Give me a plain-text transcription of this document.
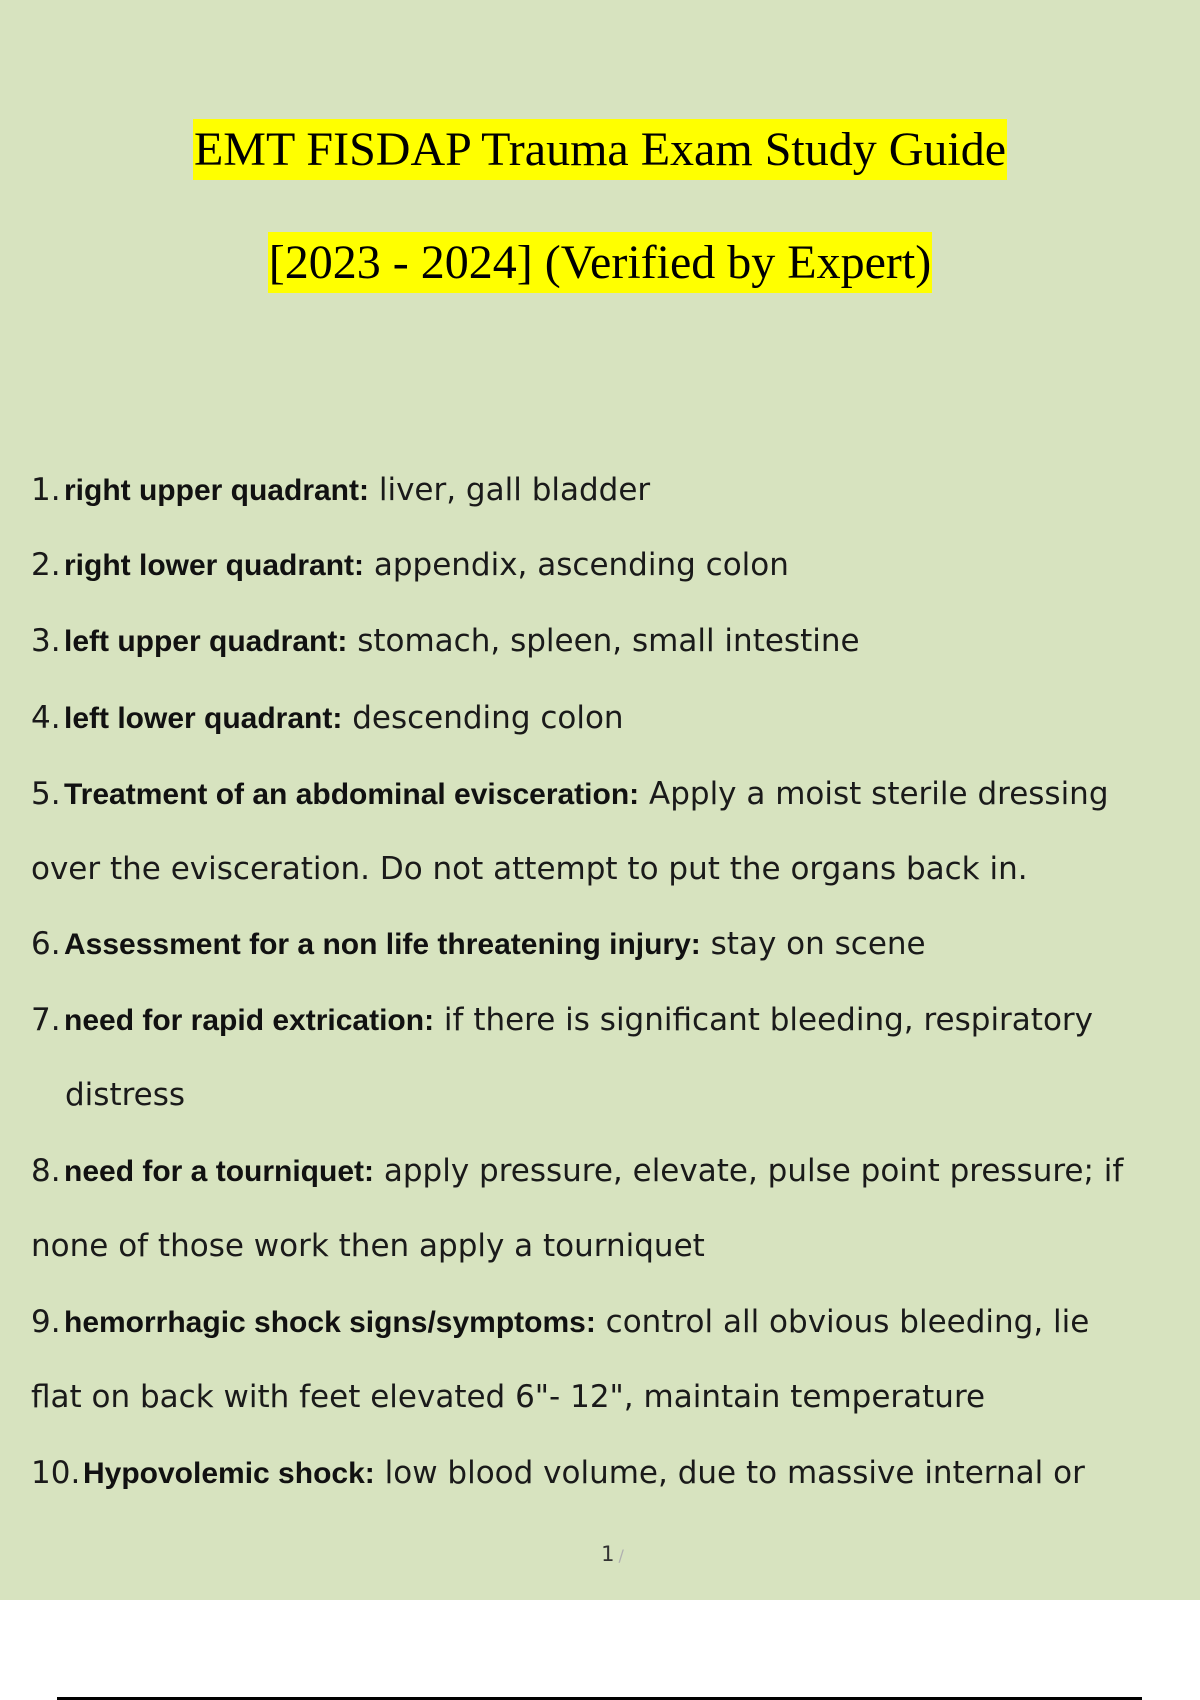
EMT FISDAP Trauma Exam Study Guide
[2023 - 2024] (Verified by Expert)
1. right upper quadrant: liver, gall bladder
2. right lower quadrant: appendix, ascending colon
3. left upper quadrant: stomach, spleen, small intestine
4. left lower quadrant: descending colon
5. Treatment of an abdominal evisceration: Apply a moist sterile dressing
over the evisceration. Do not attempt to put the organs back in.
6. Assessment for a non life threatening injury: stay on scene
7. need for rapid extrication: if there is significant bleeding, respiratory
distress
8. need for a tourniquet: apply pressure, elevate, pulse point pressure; if
none of those work then apply a tourniquet
9. hemorrhagic shock signs/symptoms: control all obvious bleeding, lie
flat on back with feet elevated 6"- 12", maintain temperature
10.Hypovolemic shock: low blood volume, due to massive internal or
1 /
